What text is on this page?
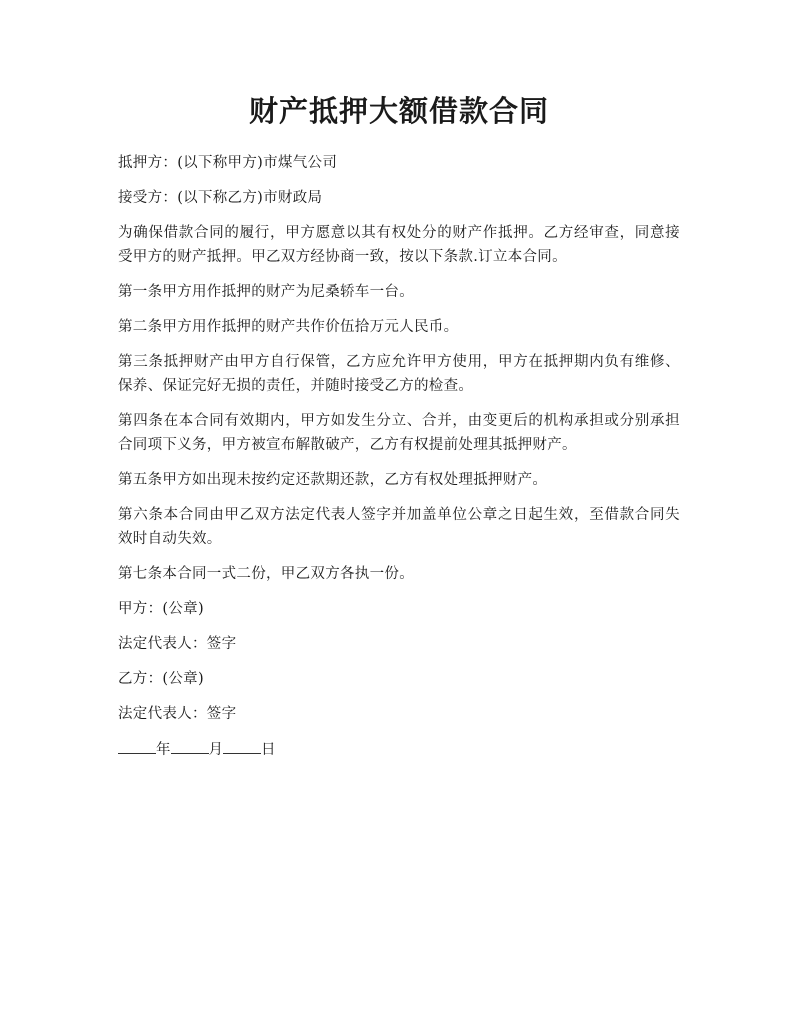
财产抵押大额借款合同

抵押方：(以下称甲方)市煤气公司

接受方：(以下称乙方)市财政局

为确保借款合同的履行，甲方愿意以其有权处分的财产作抵押。乙方经审查，同意接受甲方的财产抵押。甲乙双方经协商一致，按以下条款.订立本合同。

第一条甲方用作抵押的财产为尼桑轿车一台。

第二条甲方用作抵押的财产共作价伍拾万元人民币。

第三条抵押财产由甲方自行保管，乙方应允许甲方使用，甲方在抵押期内负有维修、保养、保证完好无损的责任，并随时接受乙方的检查。

第四条在本合同有效期内，甲方如发生分立、合并，由变更后的机构承担或分别承担合同项下义务，甲方被宣布解散破产，乙方有权提前处理其抵押财产。

第五条甲方如出现未按约定还款期还款，乙方有权处理抵押财产。

第六条本合同由甲乙双方法定代表人签字并加盖单位公章之日起生效，至借款合同失效时自动失效。

第七条本合同一式二份，甲乙双方各执一份。

甲方：(公章)

法定代表人：签字

乙方：(公章)

法定代表人：签字

年	月	日
